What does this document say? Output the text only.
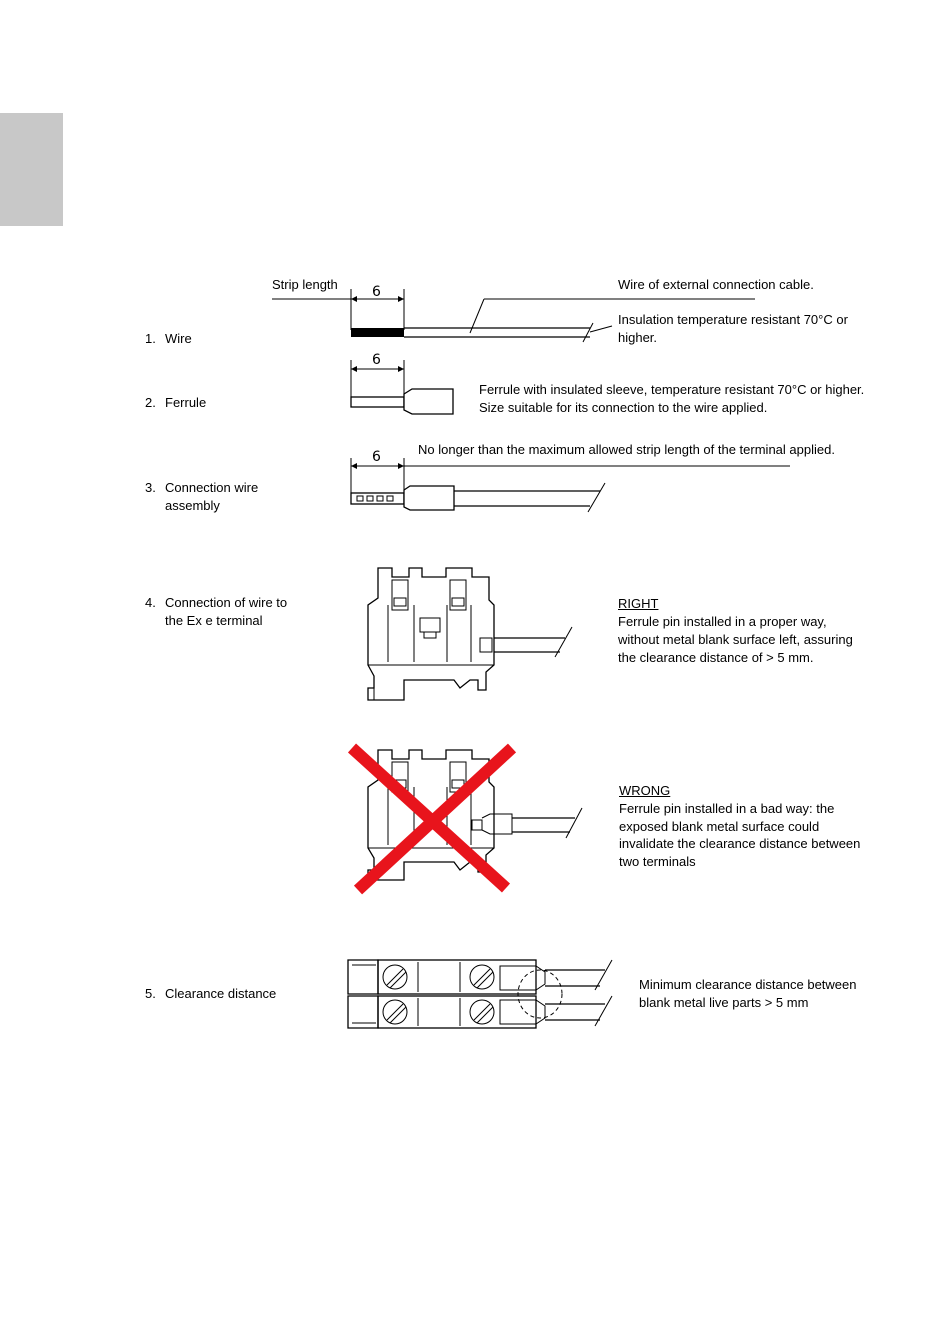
1. Wire
2. Ferrule
3. Connection wire
assembly
4. Connection of wire to
the Ex e terminal
5. Clearance distance
Strip length	Wire of external connection cable.
Insulation temperature resistant 70°C or
higher.
Ferrule with insulated sleeve, temperature resistant 70°C or higher.
Size suitable for its connection to the wire applied.
No longer than the maximum allowed strip length of the terminal applied.
RIGHT
Ferrule pin installed in a proper way,
without metal blank surface left, assuring
the clearance distance of > 5 mm.
WRONG
Ferrule pin installed in a bad way: the
exposed blank metal surface could
invalidate the clearance distance between
two terminals
Minimum clearance distance between
blank metal live parts > 5 mm
6
6
6
